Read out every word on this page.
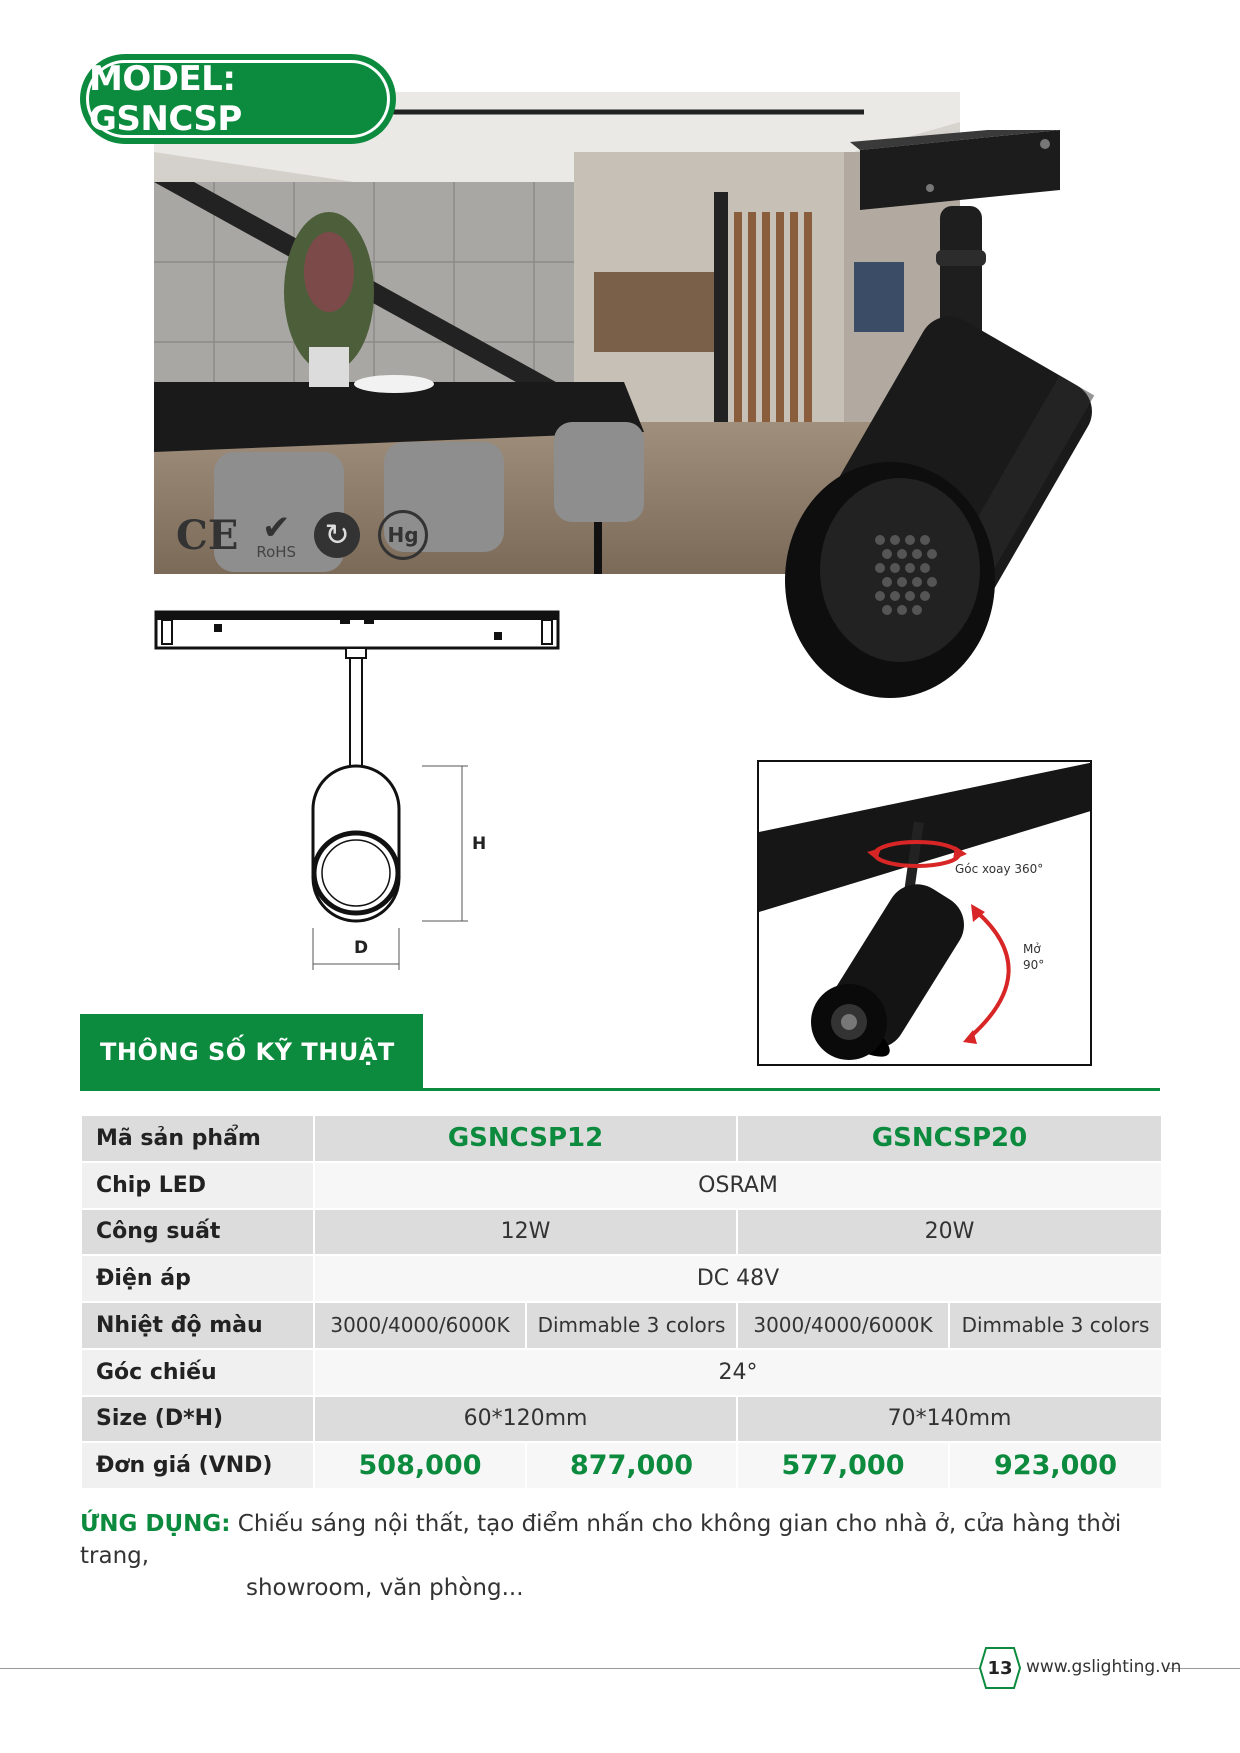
MODEL: GSNCSP
CE ✔
RoHS ↻	Hg
H
D
Góc xoay 360°
Mở
90°
THÔNG SỐ KỸ THUẬT
Mã sản phẩm	GSNCSP12		GSNCSP20	
Chip LED	OSRAM			
Công suất	12W		20W	
Điện áp	DC 48V			
Nhiệt độ màu	3000/4000/6000K	Dimmable 3 colors	3000/4000/6000K	Dimmable 3 colors
Góc chiếu	24°			
Size (D*H)	60*120mm		70*140mm	
Đơn giá (VND)	508,000	877,000	577,000	923,000
ỨNG DỤNG: Chiếu sáng nội thất, tạo điểm nhấn cho không gian cho nhà ở, cửa hàng thời trang,
showroom, văn phòng...
13 www.gslighting.vn
